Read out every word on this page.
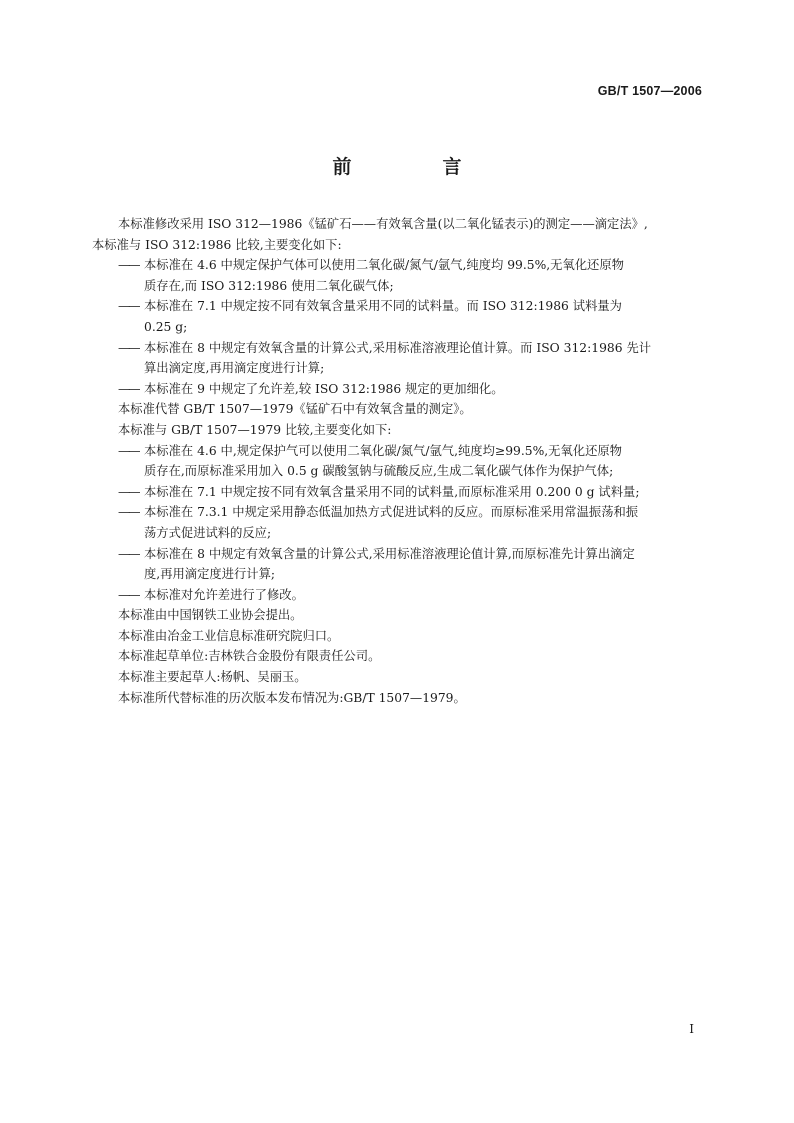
GB/T 1507—2006
前　言

本标准修改采用 ISO 312—1986《锰矿石——有效氧含量(以二氧化锰表示)的测定——滴定法》,

本标准与 ISO 312:1986 比较,主要变化如下:

—— 本标准在 4.6 中规定保护气体可以使用二氧化碳/氮气/氩气,纯度均 99.5%,无氧化还原物

质存在,而 ISO 312:1986 使用二氧化碳气体;

—— 本标准在 7.1 中规定按不同有效氧含量采用不同的试料量。而 ISO 312:1986 试料量为

0.25 g;

—— 本标准在 8 中规定有效氧含量的计算公式,采用标准溶液理论值计算。而 ISO 312:1986 先计

算出滴定度,再用滴定度进行计算;

—— 本标准在 9 中规定了允许差,较 ISO 312:1986 规定的更加细化。

本标准代替 GB/T 1507—1979《锰矿石中有效氧含量的测定》。

本标准与 GB/T 1507—1979 比较,主要变化如下:

—— 本标准在 4.6 中,规定保护气可以使用二氧化碳/氮气/氩气,纯度均≥99.5%,无氧化还原物

质存在,而原标准采用加入 0.5 g 碳酸氢钠与硫酸反应,生成二氧化碳气体作为保护气体;

—— 本标准在 7.1 中规定按不同有效氧含量采用不同的试料量,而原标准采用 0.200 0 g 试料量;

—— 本标准在 7.3.1 中规定采用静态低温加热方式促进试料的反应。而原标准采用常温振荡和振

荡方式促进试料的反应;

—— 本标准在 8 中规定有效氧含量的计算公式,采用标准溶液理论值计算,而原标准先计算出滴定

度,再用滴定度进行计算;

—— 本标准对允许差进行了修改。

本标准由中国钢铁工业协会提出。

本标准由冶金工业信息标准研究院归口。

本标准起草单位:吉林铁合金股份有限责任公司。

本标准主要起草人:杨帆、吴丽玉。

本标准所代替标准的历次版本发布情况为:GB/T 1507—1979。

I
